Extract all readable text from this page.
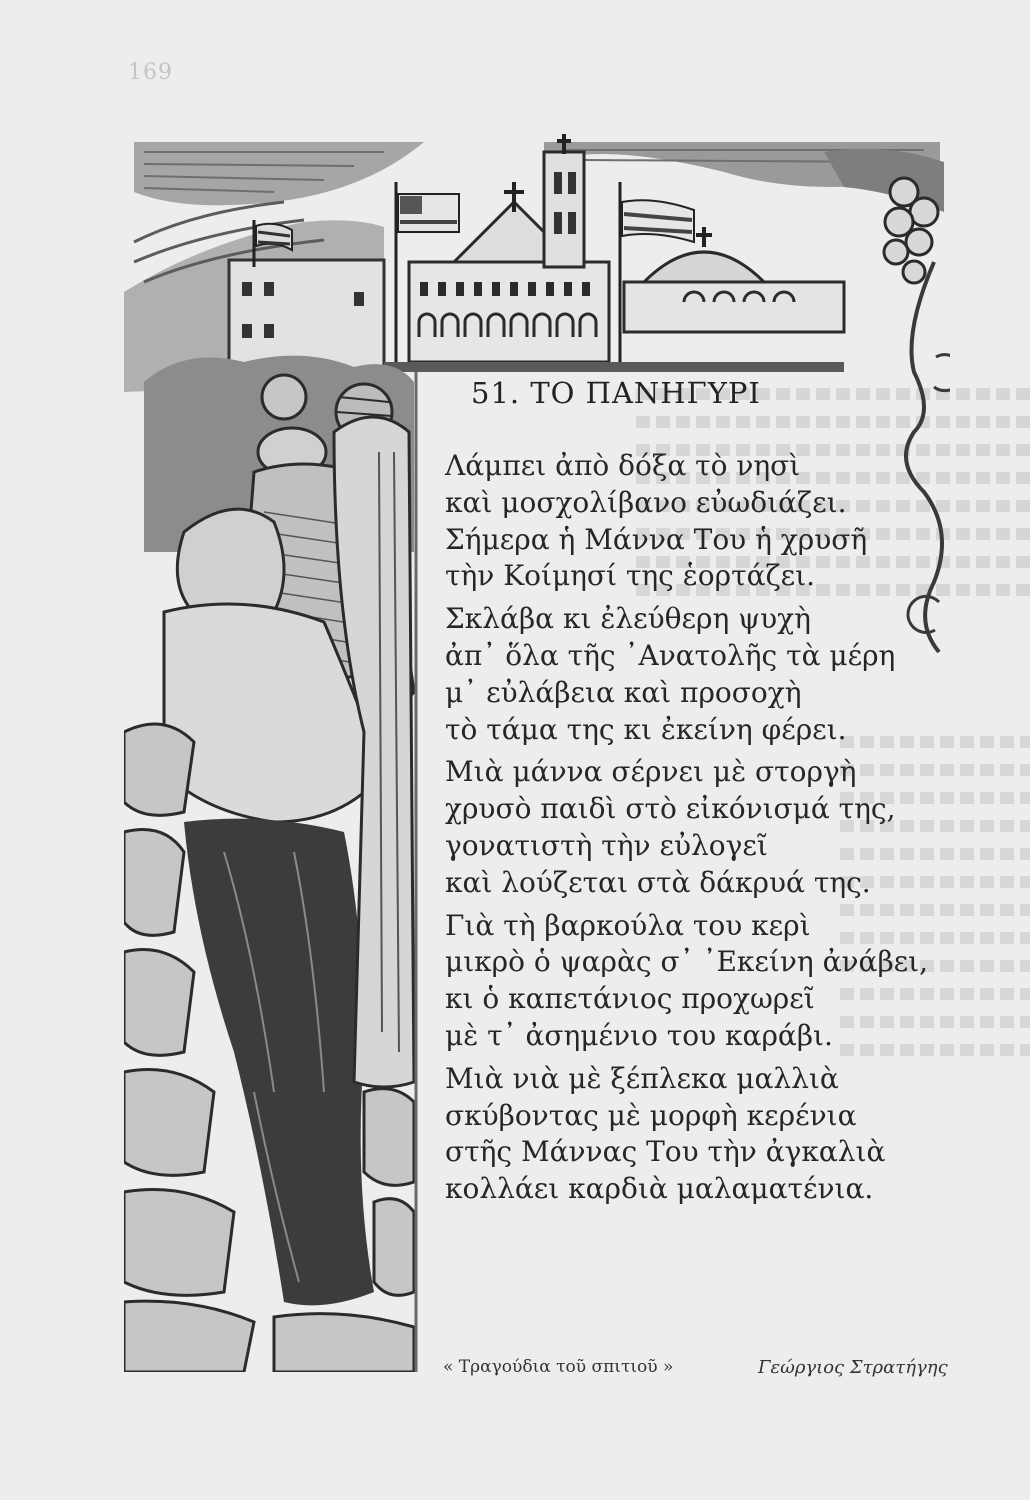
169
51. ΤΟ ΠΑΝΗΓΥΡΙ
Λάμπει ἀπὸ δόξα τὸ νησὶ
καὶ μοσχολίβανο εὐωδιάζει.
Σήμερα ἡ Μάννα Του ἡ χρυσῆ
τὴν Κοίμησί της ἑορτάζει.
Σκλάβα κι ἐλεύθερη ψυχὴ
ἀπ᾽ ὅλα τῆς ᾽Ανατολῆς τὰ μέρη
μ᾽ εὐλάβεια καὶ προσοχὴ
τὸ τάμα της κι ἐκείνη φέρει.
Μιὰ μάννα σέρνει μὲ στοργὴ
χρυσὸ παιδὶ στὸ εἰκόνισμά της,
γονατιστὴ τὴν εὐλογεῖ
καὶ λούζεται στὰ δάκρυά της.
Γιὰ τὴ βαρκούλα του κερὶ
μικρὸ ὁ ψαρὰς σ᾽ ᾽Εκείνη ἀνάβει,
κι ὁ καπετάνιος προχωρεῖ
μὲ τ᾽ ἀσημένιο του καράβι.
Μιὰ νιὰ μὲ ξέπλεκα μαλλιὰ
σκύβοντας μὲ μορφὴ κερένια
στῆς Μάννας Του τὴν ἀγκαλιὰ
κολλάει καρδιὰ μαλαματένια.
« Τραγούδια τοῦ σπιτιοῦ »	Γεώργιος Στρατήγης
